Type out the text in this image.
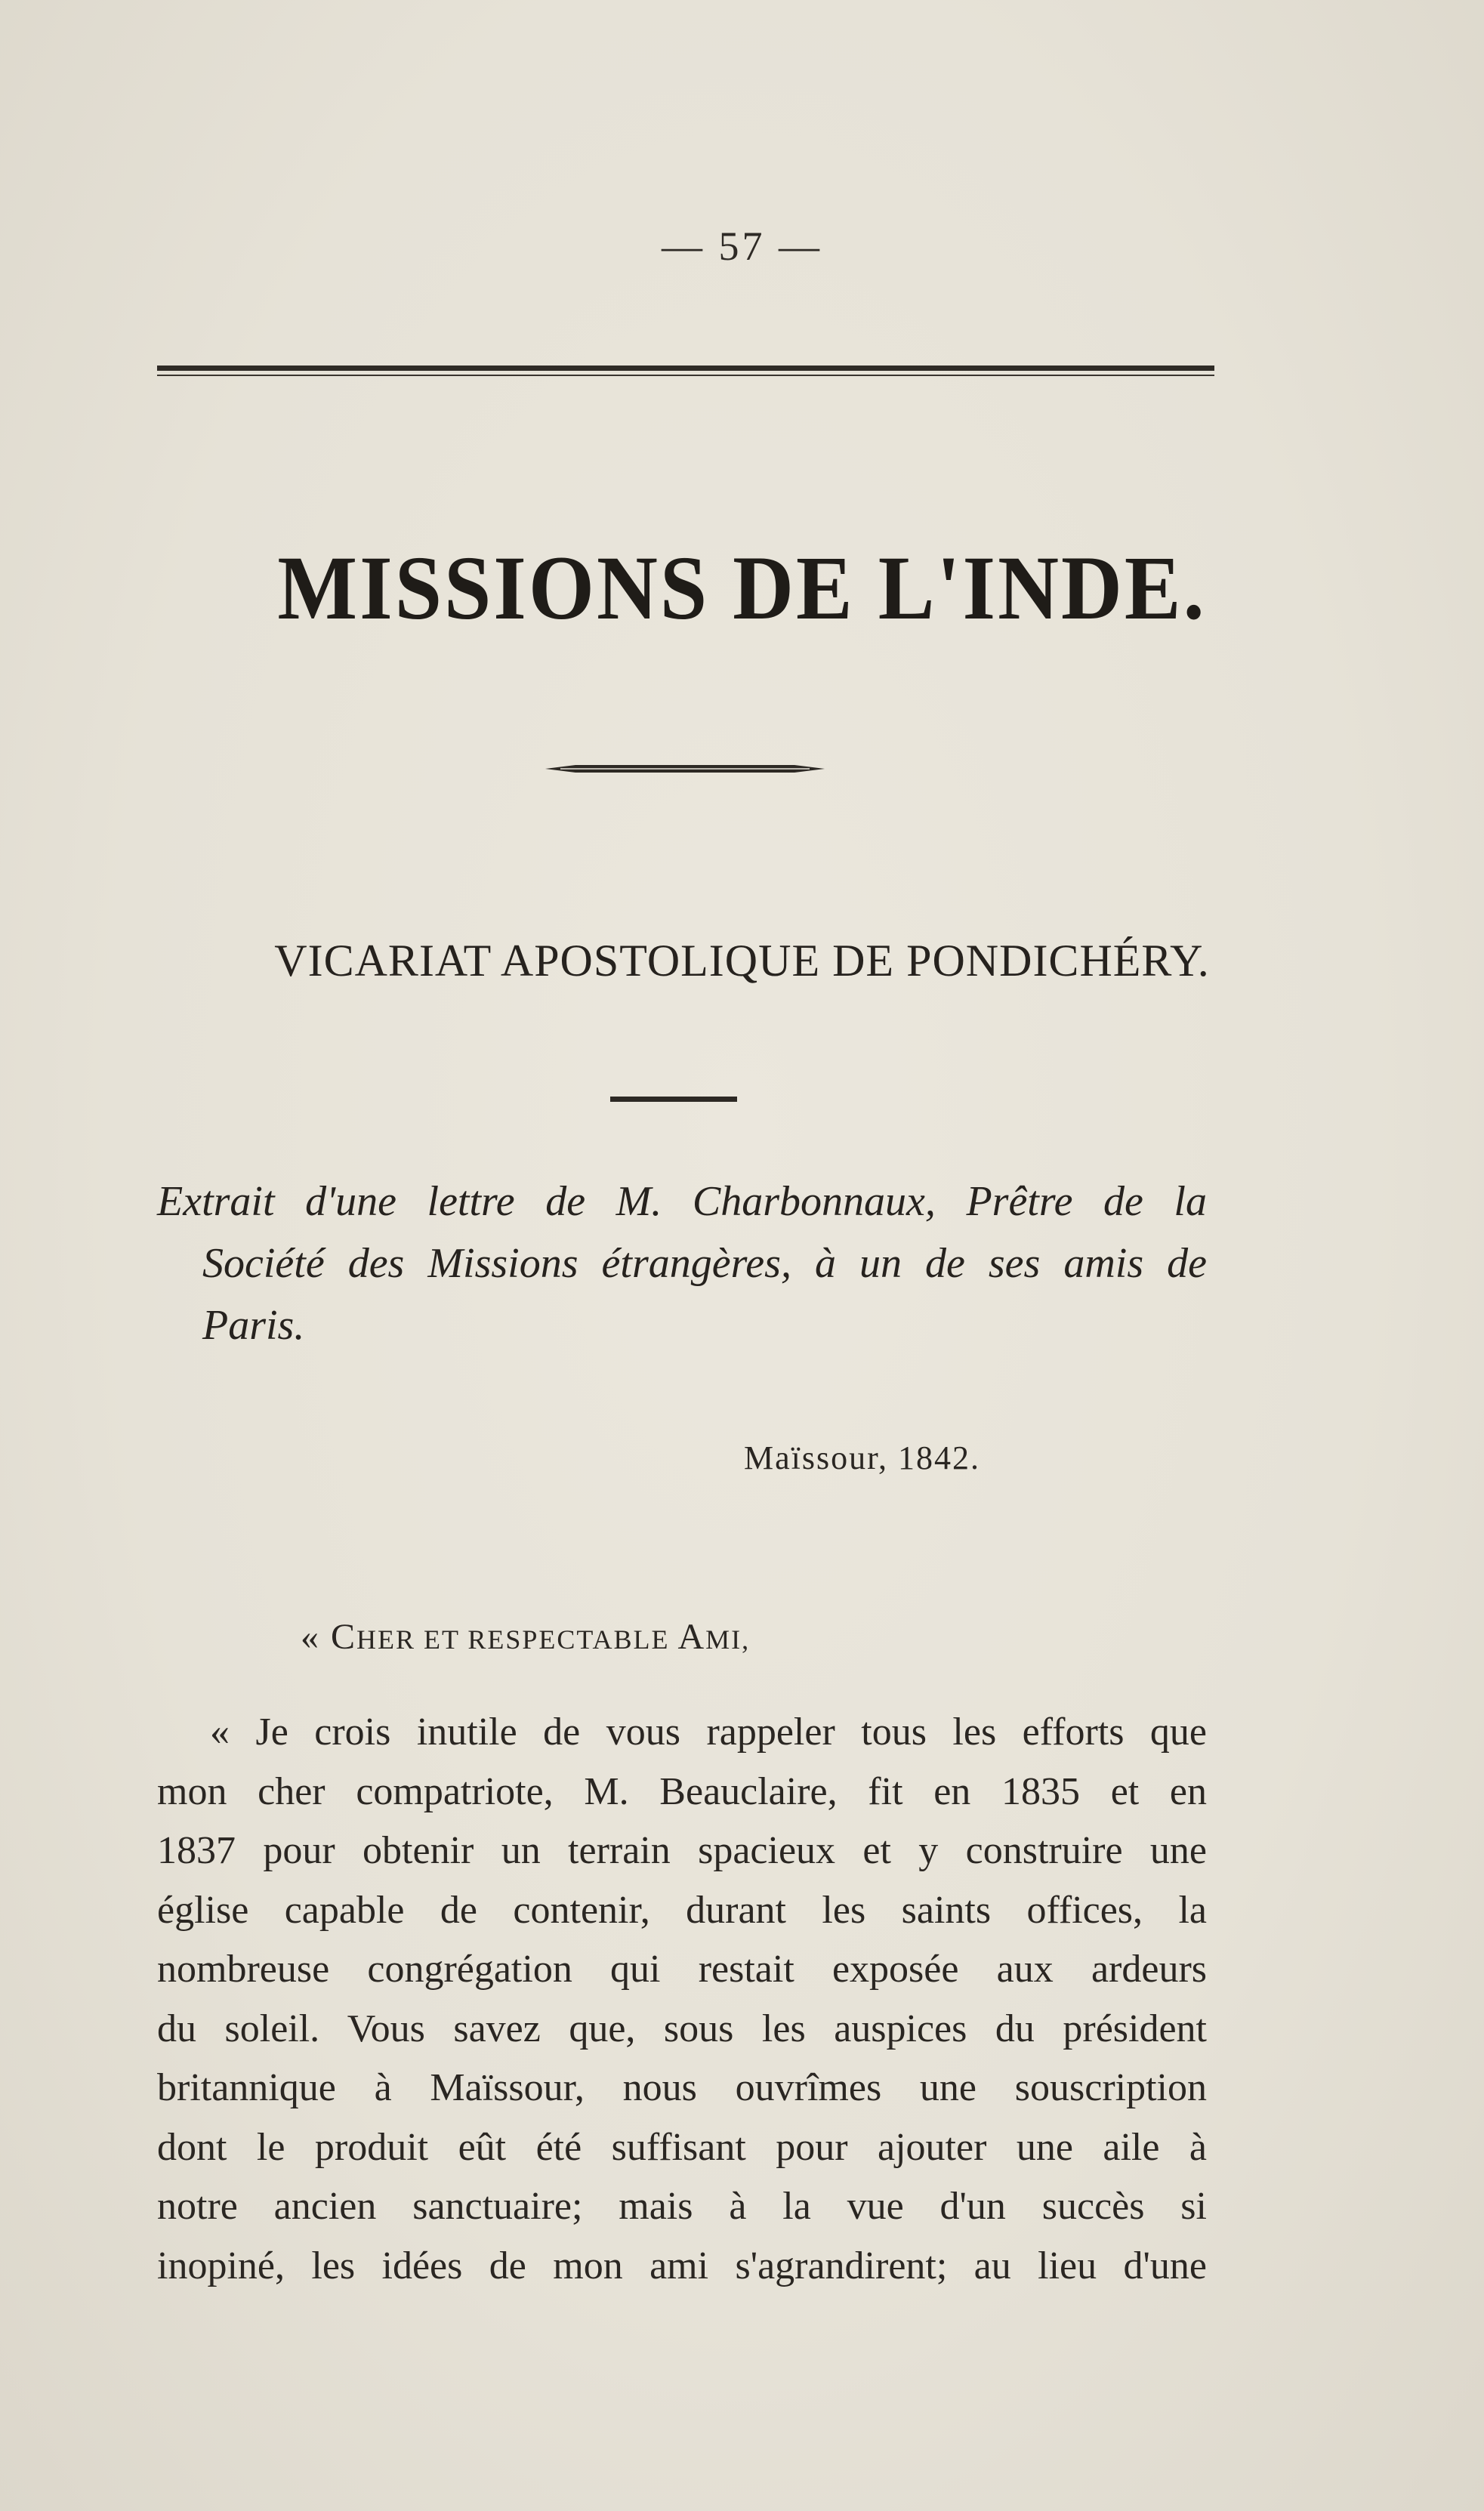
— 57 —
MISSIONS DE L'INDE.
VICARIAT APOSTOLIQUE DE PONDICHÉRY.
Extrait d'une lettre de M. Charbonnaux, Prêtre de la
Société des Missions étrangères, à un de ses amis de
Paris.
Maïssour, 1842.
« CHER ET RESPECTABLE AMI,
« Je crois inutile de vous rappeler tous les efforts que
mon cher compatriote, M. Beauclaire, fit en 1835 et en
1837 pour obtenir un terrain spacieux et y construire une
église capable de contenir, durant les saints offices, la
nombreuse congrégation qui restait exposée aux ardeurs
du soleil. Vous savez que, sous les auspices du président
britannique à Maïssour, nous ouvrîmes une souscription
dont le produit eût été suffisant pour ajouter une aile à
notre ancien sanctuaire; mais à la vue d'un succès si
inopiné, les idées de mon ami s'agrandirent; au lieu d'une
